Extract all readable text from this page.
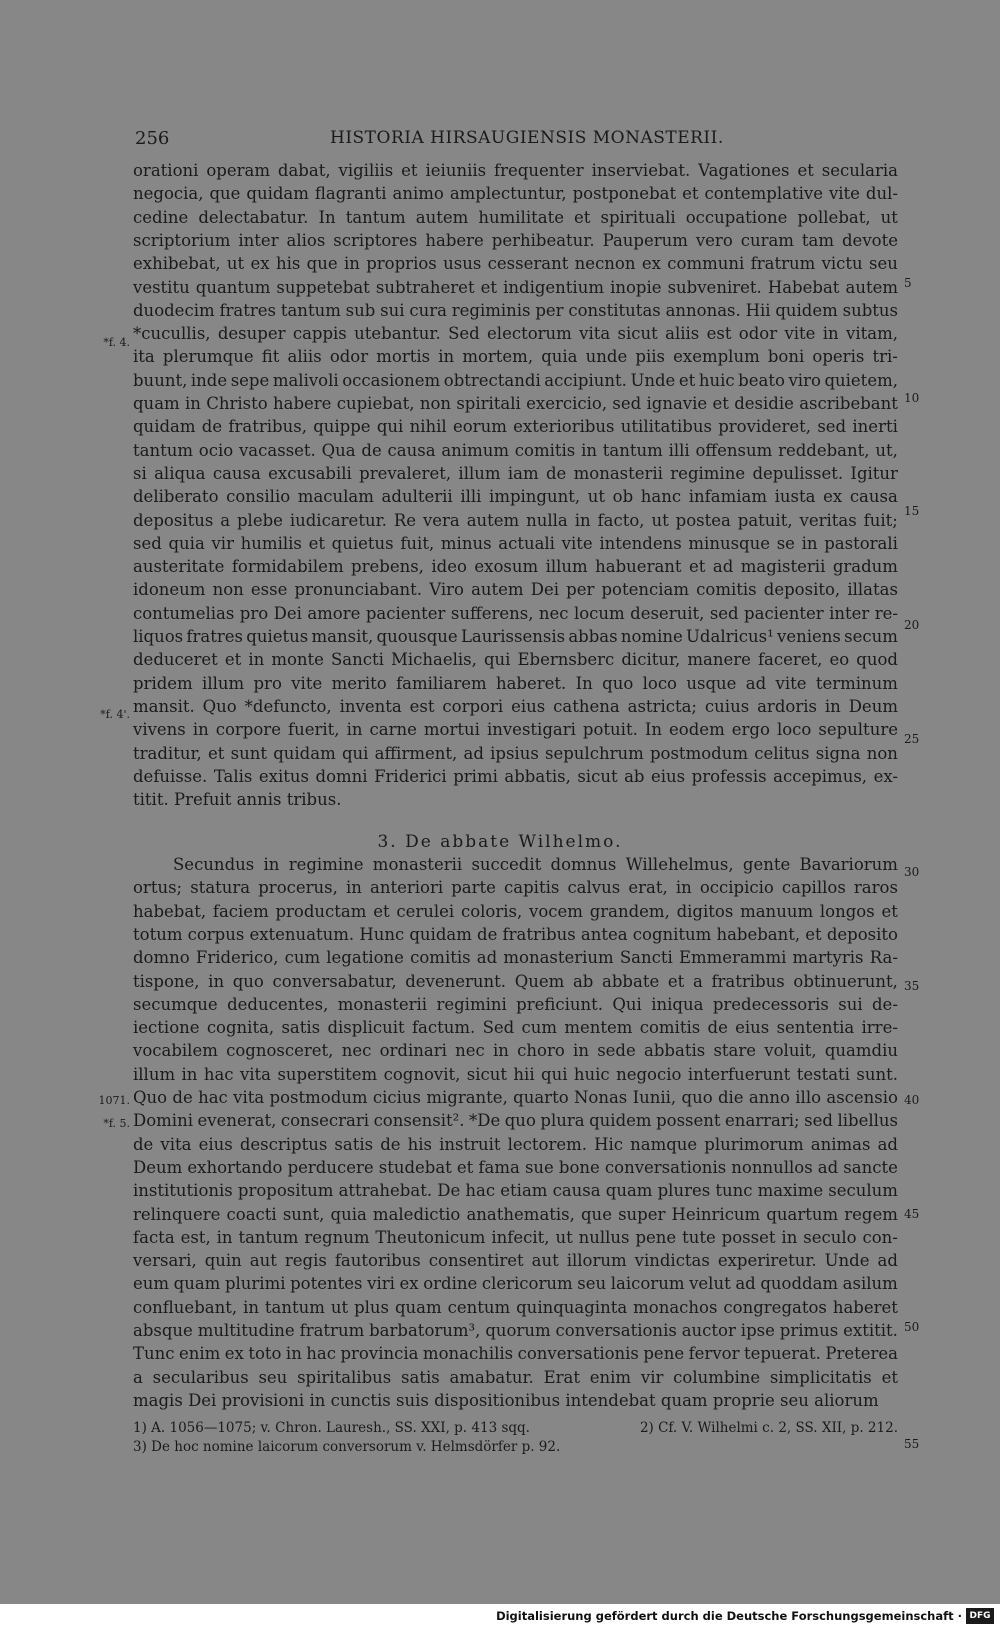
256	HISTORIA HIRSAUGIENSIS MONASTERII.
orationi operam dabat, vigiliis et ieiuniis frequenter inserviebat. Vagationes et secularia
negocia, que quidam flagranti animo amplectuntur, postponebat et contemplative vite dul-
cedine delectabatur. In tantum autem humilitate et spirituali occupatione pollebat, ut
scriptorium inter alios scriptores habere perhibeatur. Pauperum vero curam tam devote
exhibebat, ut ex his que in proprios usus cesserant necnon ex communi fratrum victu seu
vestitu quantum suppetebat subtraheret et indigentium inopie subveniret. Habebat autem
duodecim fratres tantum sub sui cura regiminis per constitutas annonas. Hii quidem subtus
*cucullis, desuper cappis utebantur. Sed electorum vita sicut aliis est odor vite in vitam,
ita plerumque fit aliis odor mortis in mortem, quia unde piis exemplum boni operis tri-
buunt, inde sepe malivoli occasionem obtrectandi accipiunt. Unde et huic beato viro quietem,
quam in Christo habere cupiebat, non spiritali exercicio, sed ignavie et desidie ascribebant
quidam de fratribus, quippe qui nihil eorum exterioribus utilitatibus provideret, sed inerti
tantum ocio vacasset. Qua de causa animum comitis in tantum illi offensum reddebant, ut,
si aliqua causa excusabili prevaleret, illum iam de monasterii regimine depulisset. Igitur
deliberato consilio maculam adulterii illi impingunt, ut ob hanc infamiam iusta ex causa
depositus a plebe iudicaretur. Re vera autem nulla in facto, ut postea patuit, veritas fuit;
sed quia vir humilis et quietus fuit, minus actuali vite intendens minusque se in pastorali
austeritate formidabilem prebens, ideo exosum illum habuerant et ad magisterii gradum
idoneum non esse pronunciabant. Viro autem Dei per potenciam comitis deposito, illatas
contumelias pro Dei amore pacienter sufferens, nec locum deseruit, sed pacienter inter re-
liquos fratres quietus mansit, quousque Laurissensis abbas nomine Udalricus¹ veniens secum
deduceret et in monte Sancti Michaelis, qui Ebernsberc dicitur, manere faceret, eo quod
pridem illum pro vite merito familiarem haberet. In quo loco usque ad vite terminum
mansit. Quo *defuncto, inventa est corpori eius cathena astricta; cuius ardoris in Deum
vivens in corpore fuerit, in carne mortui investigari potuit. In eodem ergo loco sepulture
traditur, et sunt quidam qui affirment, ad ipsius sepulchrum postmodum celitus signa non
defuisse. Talis exitus domni Friderici primi abbatis, sicut ab eius professis accepimus, ex-
titit. Prefuit annis tribus.
3. De abbate Wilhelmo.
Secundus in regimine monasterii succedit domnus Willehelmus, gente Bavariorum
ortus; statura procerus, in anteriori parte capitis calvus erat, in occipicio capillos raros
habebat, faciem productam et cerulei coloris, vocem grandem, digitos manuum longos et
totum corpus extenuatum. Hunc quidam de fratribus antea cognitum habebant, et deposito
domno Friderico, cum legatione comitis ad monasterium Sancti Emmerammi martyris Ra-
tispone, in quo conversabatur, devenerunt. Quem ab abbate et a fratribus obtinuerunt,
secumque deducentes, monasterii regimini preficiunt. Qui iniqua predecessoris sui de-
iectione cognita, satis displicuit factum. Sed cum mentem comitis de eius sententia irre-
vocabilem cognosceret, nec ordinari nec in choro in sede abbatis stare voluit, quamdiu
illum in hac vita superstitem cognovit, sicut hii qui huic negocio interfuerunt testati sunt.
Quo de hac vita postmodum cicius migrante, quarto Nonas Iunii, quo die anno illo ascensio
Domini evenerat, consecrari consensit². *De quo plura quidem possent enarrari; sed libellus
de vita eius descriptus satis de his instruit lectorem. Hic namque plurimorum animas ad
Deum exhortando perducere studebat et fama sue bone conversationis nonnullos ad sancte
institutionis propositum attrahebat. De hac etiam causa quam plures tunc maxime seculum
relinquere coacti sunt, quia maledictio anathematis, que super Heinricum quartum regem
facta est, in tantum regnum Theutonicum infecit, ut nullus pene tute posset in seculo con-
versari, quin aut regis fautoribus consentiret aut illorum vindictas experiretur. Unde ad
eum quam plurimi potentes viri ex ordine clericorum seu laicorum velut ad quoddam asilum
confluebant, in tantum ut plus quam centum quinquaginta monachos congregatos haberet
absque multitudine fratrum barbatorum³, quorum conversationis auctor ipse primus extitit.
Tunc enim ex toto in hac provincia monachilis conversationis pene fervor tepuerat. Preterea
a secularibus seu spiritalibus satis amabatur. Erat enim vir columbine simplicitatis et
magis Dei provisioni in cunctis suis dispositionibus intendebat quam proprie seu aliorum
5
10
15
20
25
30
35
40
45
50
55
*f. 4.
*f. 4'.
1071.
*f. 5.
1) A. 1056—1075; v. Chron. Lauresh., SS. XXI, p. 413 sqq.	2) Cf. V. Wilhelmi c. 2, SS. XII, p. 212.
3) De hoc nomine laicorum conversorum v. Helmsdörfer p. 92.
Digitalisierung gefördert durch die Deutsche Forschungsgemeinschaft · DFG
